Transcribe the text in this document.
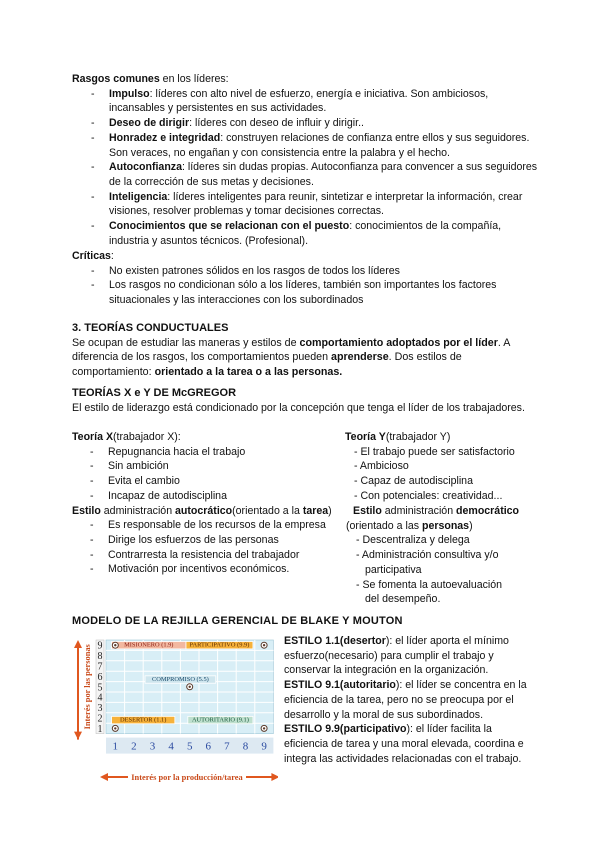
Rasgos comunes en los líderes:
- Impulso: líderes con alto nivel de esfuerzo, energía e iniciativa. Son ambiciosos, incansables y persistentes en sus actividades.
- Deseo de dirigir: líderes con deseo de influir y dirigir..
- Honradez e integridad: construyen relaciones de confianza entre ellos y sus seguidores. Son veraces, no engañan y con consistencia entre la palabra y el hecho.
- Autoconfianza: líderes sin dudas propias. Autoconfianza para convencer a sus seguidores de la corrección de sus metas y decisiones.
- Inteligencia: líderes inteligentes para reunir, sintetizar e interpretar la información, crear visiones, resolver problemas y tomar decisiones correctas.
- Conocimientos que se relacionan con el puesto: conocimientos de la compañía, industria y asuntos técnicos. (Profesional).
Críticas:
- No existen patrones sólidos en los rasgos de todos los líderes
- Los rasgos no condicionan sólo a los líderes, también son importantes los factores situacionales y las interacciones con los subordinados
3. TEORÍAS CONDUCTUALES
Se ocupan de estudiar las maneras y estilos de comportamiento adoptados por el líder. A diferencia de los rasgos, los comportamientos pueden aprenderse. Dos estilos de comportamiento: orientado a la tarea o a las personas.
TEORÍAS X e Y DE McGREGOR
El estilo de liderazgo está condicionado por la concepción que tenga el líder de los trabajadores.
Teoría X(trabajador X):
- Repugnancia hacia el trabajo
- Sin ambición
- Evita el cambio
- Incapaz de autodisciplina
Estilo administración autocrático(orientado a la tarea)
- Es responsable de los recursos de la empresa
- Dirige los esfuerzos de las personas
- Contrarresta la resistencia del trabajador
- Motivación por incentivos económicos.
Teoría Y(trabajador Y)
- El trabajo puede ser satisfactorio
- Ambicioso
- Capaz de autodisciplina
- Con potenciales: creatividad...
Estilo administración democrático
(orientado a las personas)
- Descentraliza y delega
- Administración consultiva y/o
participativa
- Se fomenta la autoevaluación
del desempeño.
MODELO DE LA REJILLA GERENCIAL DE BLAKE Y MOUTON
1
2
3
4
5
6
7
8
9
1 2 3 4 5 6 7 8 9
Interés por las personas
Interés por la producción/tarea
MISIONERO (1.9)	PARTICIPATIVO (9.9)
COMPROMISO (5.5)
DESERTOR (1.1)	AUTORITARIO (9.1)
ESTILO 1.1(desertor): el líder aporta el mínimo esfuerzo(necesario) para cumplir el trabajo y conservar la integración en la organización.
ESTILO 9.1(autoritario): el líder se concentra en la eficiencia de la tarea, pero no se preocupa por el desarrollo y la moral de sus subordinados.
ESTILO 9.9(participativo): el líder facilita la eficiencia de tarea y una moral elevada, coordina e integra las actividades relacionadas con el trabajo.
